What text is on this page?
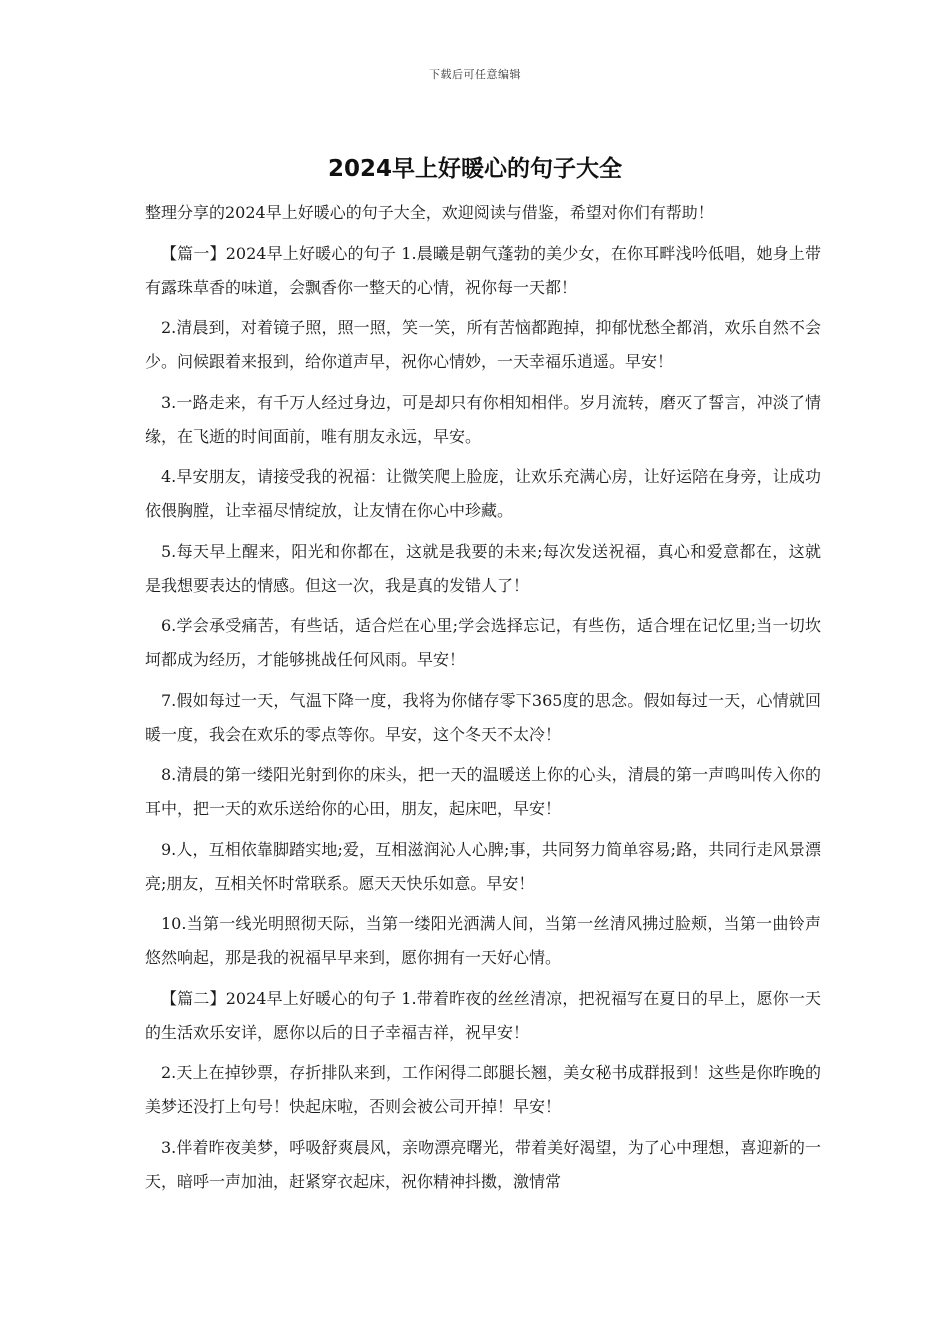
下载后可任意编辑
2024早上好暖心的句子大全

整理分享的2024早上好暖心的句子大全，欢迎阅读与借鉴，希望对你们有帮助！

【篇一】2024早上好暖心的句子 1.晨曦是朝气蓬勃的美少女，在你耳畔浅吟低唱，她身上带有露珠草香的味道，会飘香你一整天的心情，祝你每一天都！

2.清晨到，对着镜子照，照一照，笑一笑，所有苦恼都跑掉，抑郁忧愁全都消，欢乐自然不会少。问候跟着来报到，给你道声早，祝你心情妙，一天幸福乐逍遥。早安！

3.一路走来，有千万人经过身边，可是却只有你相知相伴。岁月流转，磨灭了誓言，冲淡了情缘，在飞逝的时间面前，唯有朋友永远，早安。

4.早安朋友，请接受我的祝福：让微笑爬上脸庞，让欢乐充满心房，让好运陪在身旁，让成功依偎胸膛，让幸福尽情绽放，让友情在你心中珍藏。

5.每天早上醒来，阳光和你都在，这就是我要的未来;每次发送祝福，真心和爱意都在，这就是我想要表达的情感。但这一次，我是真的发错人了！

6.学会承受痛苦，有些话，适合烂在心里;学会选择忘记，有些伤，适合埋在记忆里;当一切坎坷都成为经历，才能够挑战任何风雨。早安！

7.假如每过一天，气温下降一度，我将为你储存零下365度的思念。假如每过一天，心情就回暖一度，我会在欢乐的零点等你。早安，这个冬天不太冷！

8.清晨的第一缕阳光射到你的床头，把一天的温暖送上你的心头，清晨的第一声鸣叫传入你的耳中，把一天的欢乐送给你的心田，朋友，起床吧，早安！

9.人，互相依靠脚踏实地;爱，互相滋润沁人心脾;事，共同努力简单容易;路，共同行走风景漂亮;朋友，互相关怀时常联系。愿天天快乐如意。早安！

10.当第一线光明照彻天际，当第一缕阳光洒满人间，当第一丝清风拂过脸颊，当第一曲铃声悠然响起，那是我的祝福早早来到，愿你拥有一天好心情。

【篇二】2024早上好暖心的句子 1.带着昨夜的丝丝清凉，把祝福写在夏日的早上，愿你一天的生活欢乐安详，愿你以后的日子幸福吉祥，祝早安！

2.天上在掉钞票，存折排队来到，工作闲得二郎腿长翘，美女秘书成群报到！这些是你昨晚的美梦还没打上句号！快起床啦，否则会被公司开掉！早安！

3.伴着昨夜美梦，呼吸舒爽晨风，亲吻漂亮曙光，带着美好渴望，为了心中理想，喜迎新的一天，暗呼一声加油，赶紧穿衣起床，祝你精神抖擞，激情常
